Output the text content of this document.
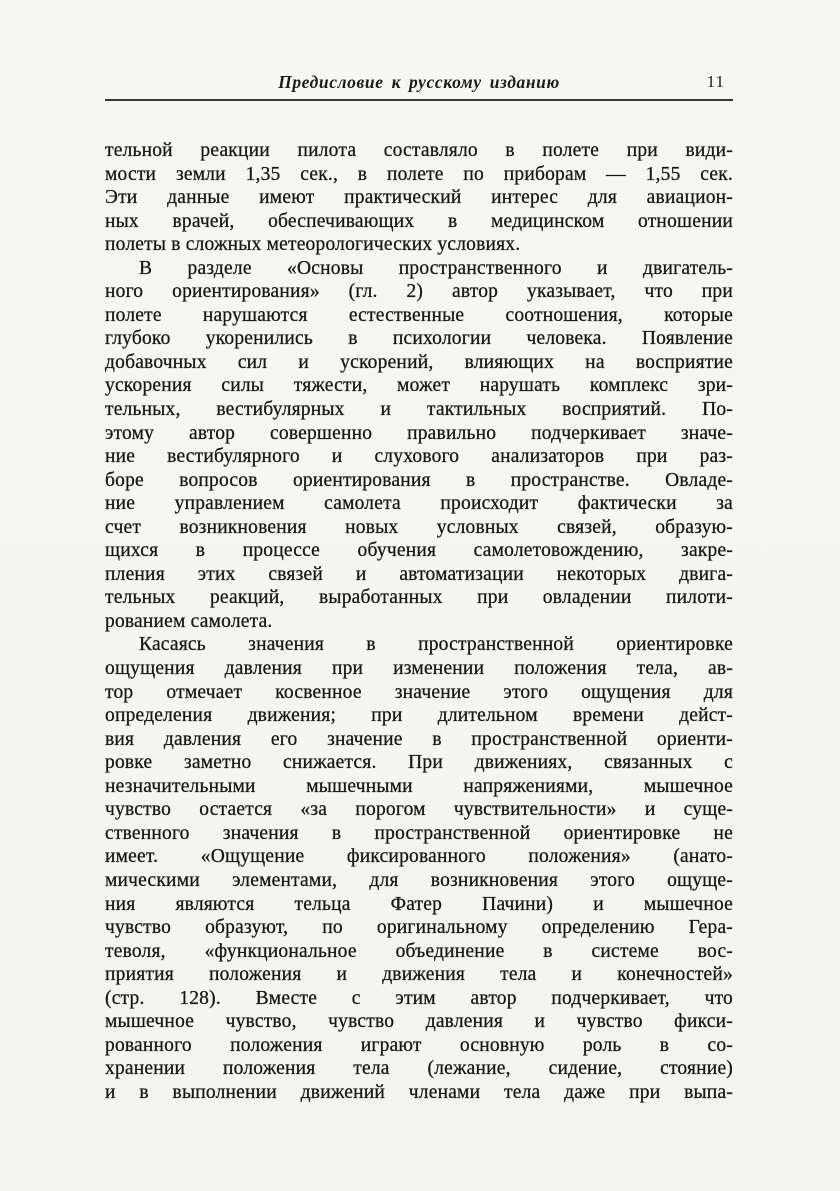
Предисловие к русскому изданию	11
тельной реакции пилота составляло в полете при види-
мости земли 1,35 сек., в полете по приборам — 1,55 сек.
Эти данные имеют практический интерес для авиацион-
ных врачей, обеспечивающих в медицинском отношении
полеты в сложных метеорологических условиях.
В разделе «Основы пространственного и двигатель-
ного ориентирования» (гл. 2) автор указывает, что при
полете нарушаются естественные соотношения, которые
глубоко укоренились в психологии человека. Появление
добавочных сил и ускорений, влияющих на восприятие
ускорения силы тяжести, может нарушать комплекс зри-
тельных, вестибулярных и тактильных восприятий. По-
этому автор совершенно правильно подчеркивает значе-
ние вестибулярного и слухового анализаторов при раз-
боре вопросов ориентирования в пространстве. Овладе-
ние управлением самолета происходит фактически за
счет возникновения новых условных связей, образую-
щихся в процессе обучения самолетовождению, закре-
пления этих связей и автоматизации некоторых двига-
тельных реакций, выработанных при овладении пилоти-
рованием самолета.
Касаясь значения в пространственной ориентировке
ощущения давления при изменении положения тела, ав-
тор отмечает косвенное значение этого ощущения для
определения движения; при длительном времени дейст-
вия давления его значение в пространственной ориенти-
ровке заметно снижается. При движениях, связанных с
незначительными мышечными напряжениями, мышечное
чувство остается «за порогом чувствительности» и суще-
ственного значения в пространственной ориентировке не
имеет. «Ощущение фиксированного положения» (анато-
мическими элементами, для возникновения этого ощуще-
ния являются тельца Фатер Пачини) и мышечное
чувство образуют, по оригинальному определению Гера-
теволя, «функциональное объединение в системе вос-
приятия положения и движения тела и конечностей»
(стр. 128). Вместе с этим автор подчеркивает, что
мышечное чувство, чувство давления и чувство фикси-
рованного положения играют основную роль в со-
хранении положения тела (лежание, сидение, стояние)
и в выполнении движений членами тела даже при выпа-
